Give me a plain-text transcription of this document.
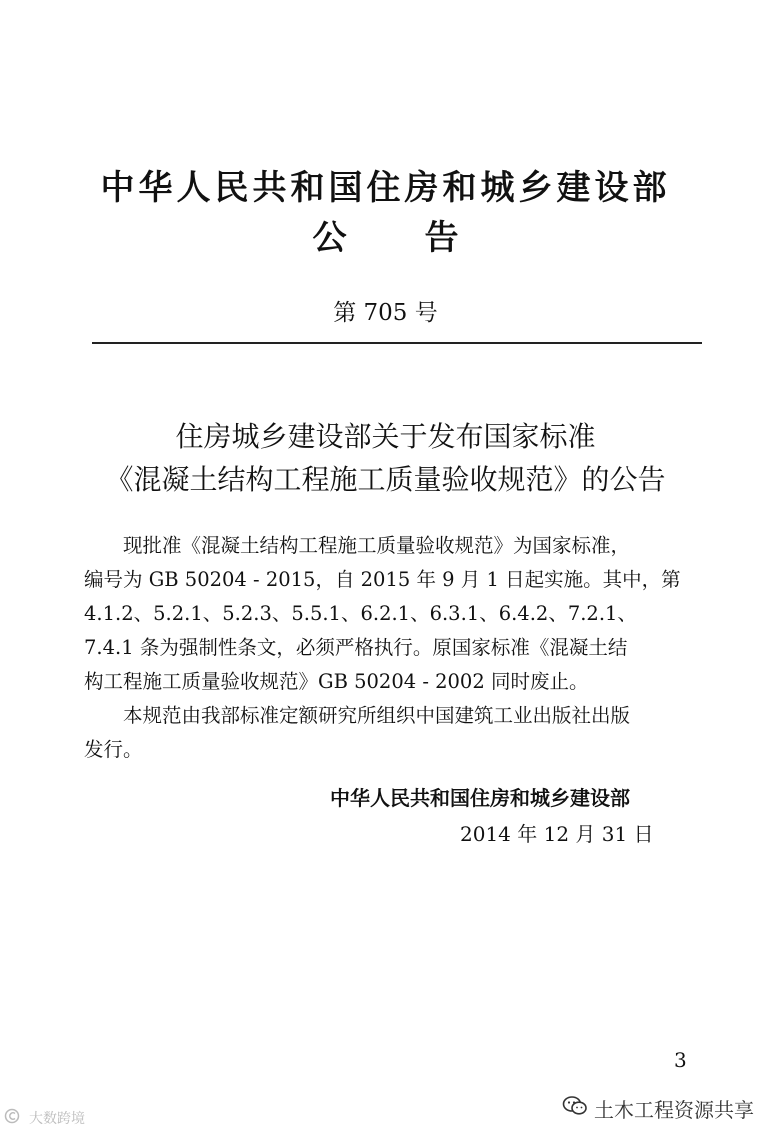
中华人民共和国住房和城乡建设部
公 告
第 705 号
住房城乡建设部关于发布国家标准
《混凝土结构工程施工质量验收规范》的公告
　　现批准《混凝土结构工程施工质量验收规范》为国家标准，
编号为 GB 50204 - 2015，自 2015 年 9 月 1 日起实施。其中，第
4.1.2、5.2.1、5.2.3、5.5.1、6.2.1、6.3.1、6.4.2、7.2.1、
7.4.1 条为强制性条文，必须严格执行。原国家标准《混凝土结
构工程施工质量验收规范》GB 50204 - 2002 同时废止。
　　本规范由我部标准定额研究所组织中国建筑工业出版社出版
发行。
中华人民共和国住房和城乡建设部
2014 年 12 月 31 日
3
大数跨境	土木工程资源共享
